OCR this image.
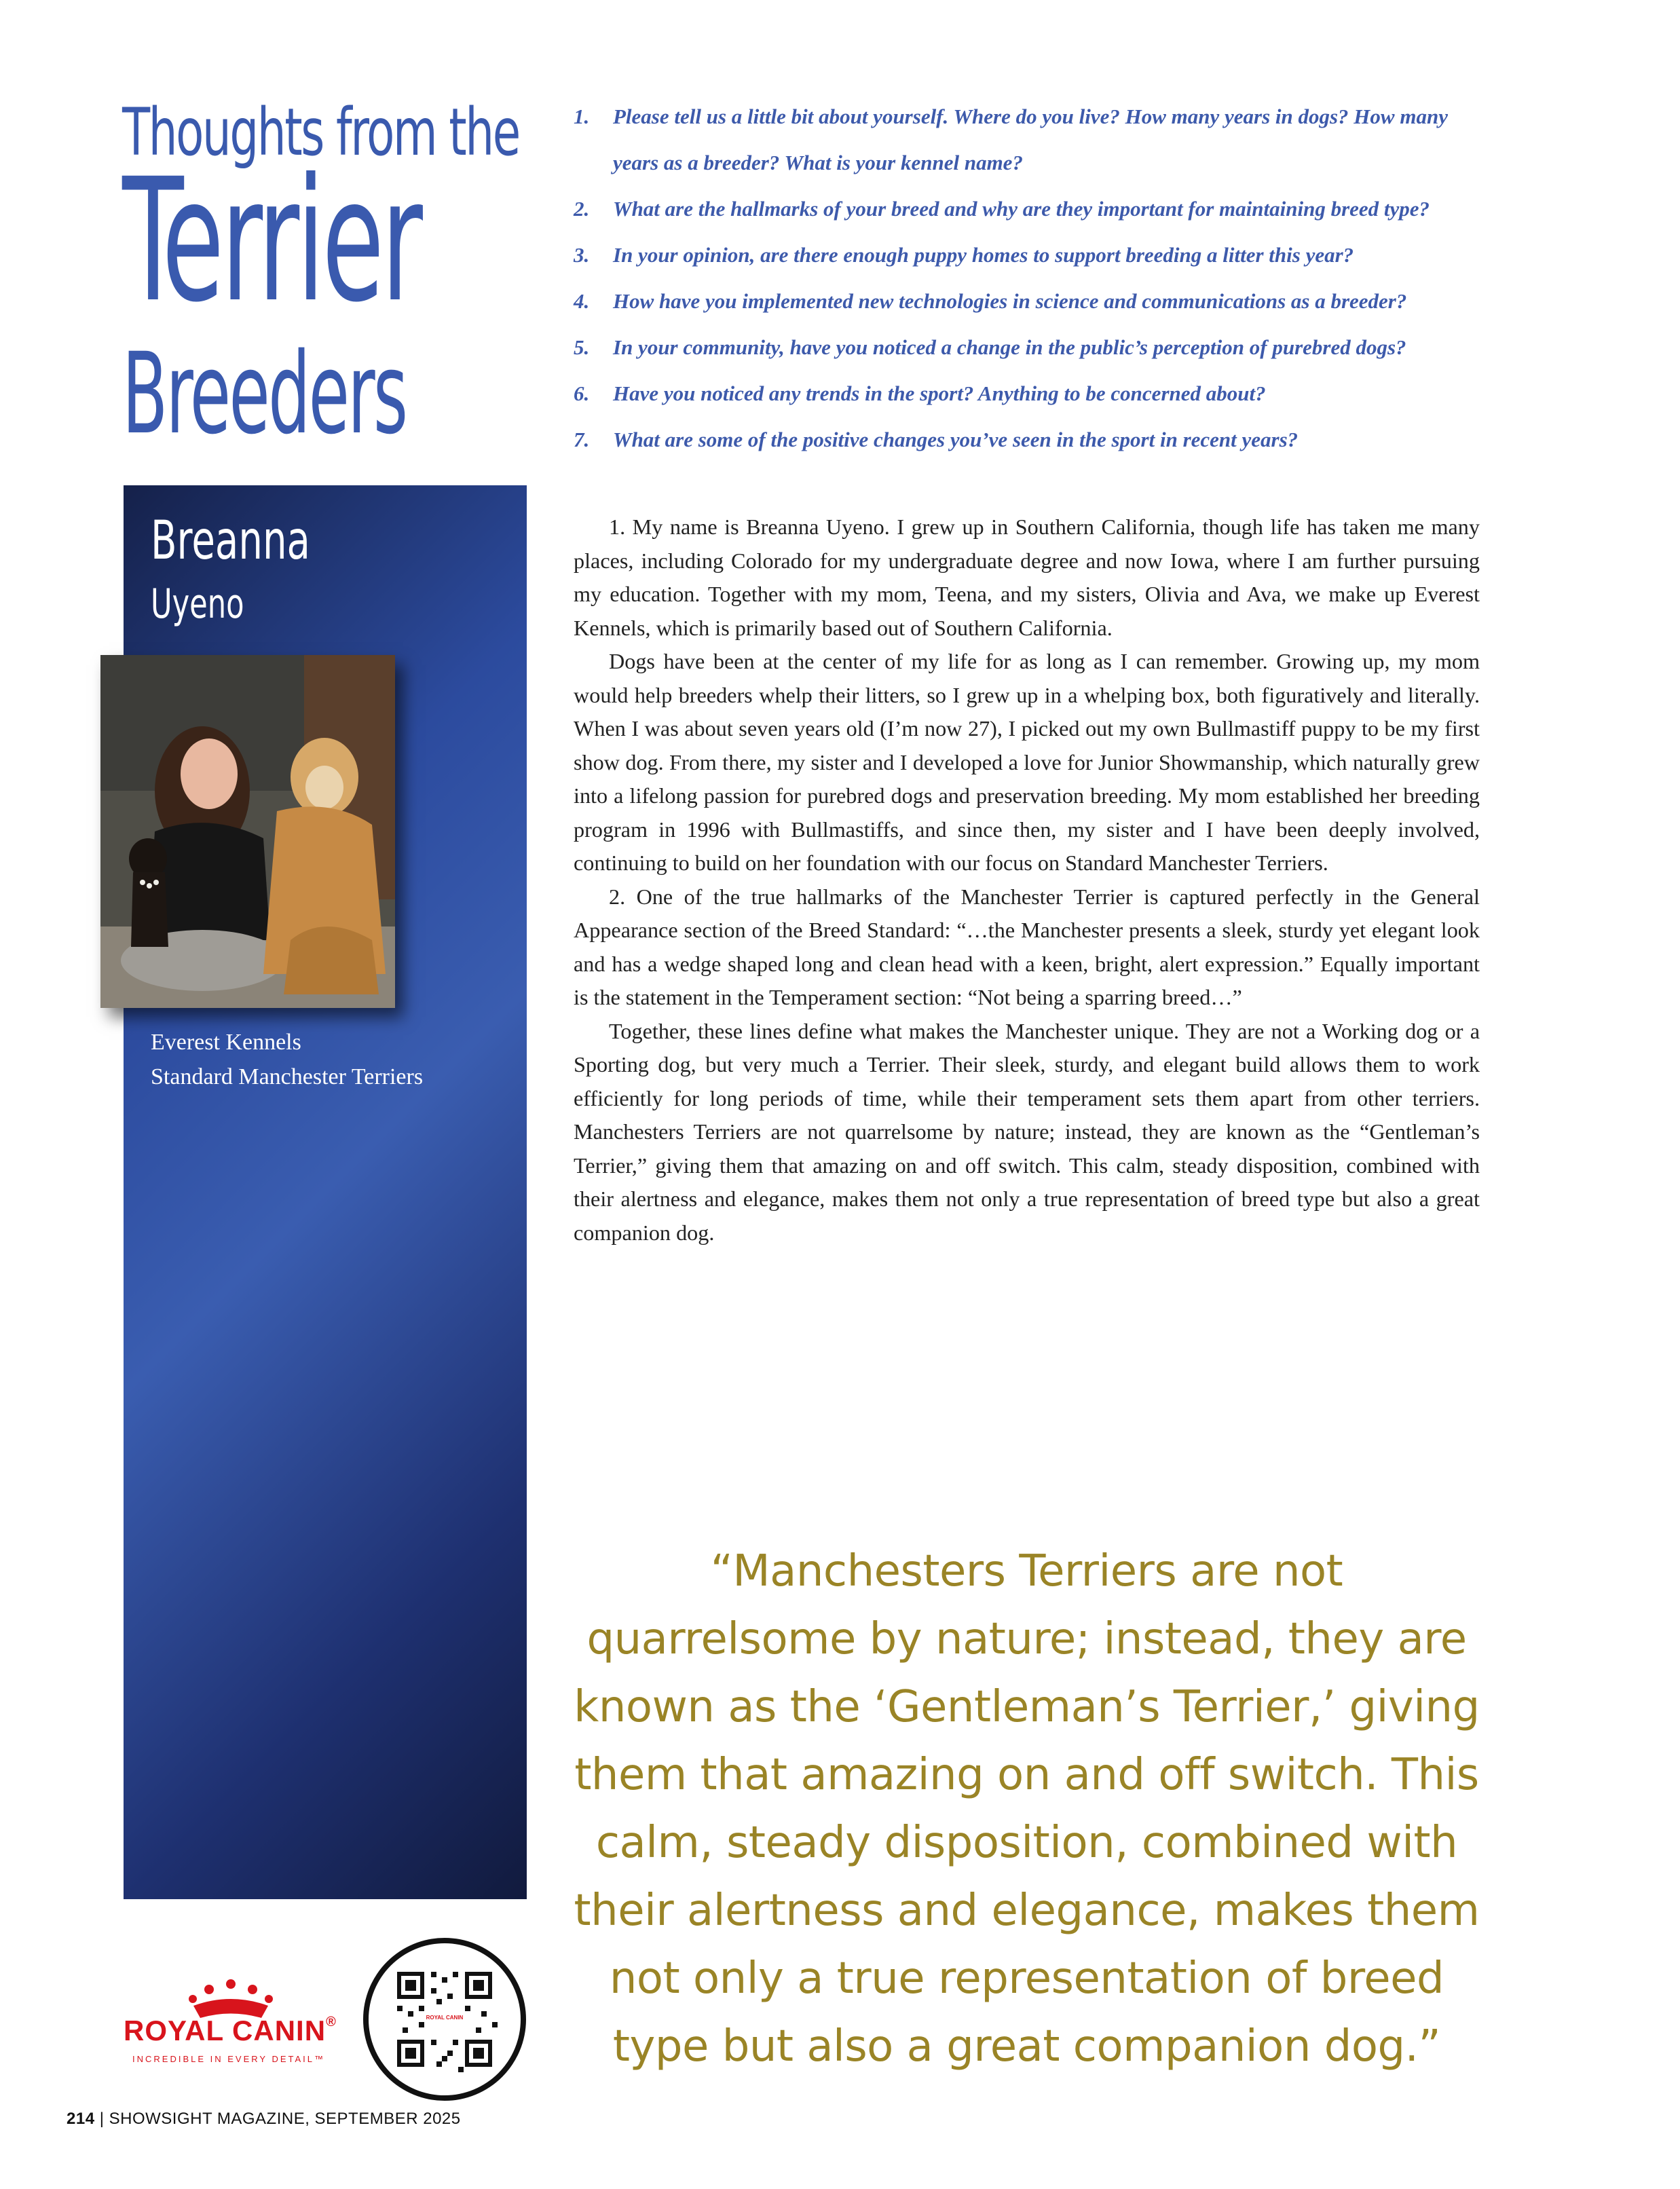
Thoughts from the
Terrier
Breeders
1. Please tell us a little bit about yourself. Where do you live? How many years in dogs? How many years as a breeder? What is your kennel name?
2. What are the hallmarks of your breed and why are they important for maintaining breed type?
3. In your opinion, are there enough puppy homes to support breeding a litter this year?
4. How have you implemented new technologies in science and communications as a breeder?
5. In your community, have you noticed a change in the public’s perception of purebred dogs?
6. Have you noticed any trends in the sport? Anything to be concerned about?
7. What are some of the positive changes you’ve seen in the sport in recent years?
Breanna
Uyeno
Everest Kennels
Standard Manchester Terriers

1. My name is Breanna Uyeno. I grew up in Southern California, though life has taken me many places, including Colorado for my undergraduate degree and now Iowa, where I am further pursuing my education. Together with my mom, Teena, and my sisters, Olivia and Ava, we make up Everest Kennels, which is primarily based out of Southern California.

Dogs have been at the center of my life for as long as I can remember. Growing up, my mom would help breeders whelp their litters, so I grew up in a whelping box, both figuratively and literally. When I was about seven years old (I’m now 27), I picked out my own Bullmastiff puppy to be my first show dog. From there, my sister and I developed a love for Junior Showmanship, which naturally grew into a lifelong passion for purebred dogs and preservation breeding. My mom established her breeding program in 1996 with Bullmastiffs, and since then, my sister and I have been deeply involved, continuing to build on her foundation with our focus on Standard Manchester Terriers.

2. One of the true hallmarks of the Manchester Terrier is captured perfectly in the General Appearance section of the Breed Standard: “…the Manchester presents a sleek, sturdy yet elegant look and has a wedge shaped long and clean head with a keen, bright, alert expression.” Equally important is the statement in the Temperament section: “Not being a sparring breed…”

Together, these lines define what makes the Manchester unique. They are not a Working dog or a Sporting dog, but very much a Terrier. Their sleek, sturdy, and elegant build allows them to work efficiently for long periods of time, while their temperament sets them apart from other terriers. Manchesters Terriers are not quarrelsome by nature; instead, they are known as the “Gentleman’s Terrier,” giving them that amazing on and off switch. This calm, steady disposition, combined with their alertness and elegance, makes them not only a true representation of breed type but also a great companion dog.

“Manchesters Terriers are not quarrelsome by nature; instead, they are known as the ‘Gentleman’s Terrier,’ giving them that amazing on and off switch. This calm, steady disposition, combined with their alertness and elegance, makes them not only a true representation of breed type but also a great companion dog.”
ROYAL CANIN®
INCREDIBLE IN EVERY DETAIL™
ROYAL CANIN
214 | SHOWSIGHT MAGAZINE, SEPTEMBER 2025
